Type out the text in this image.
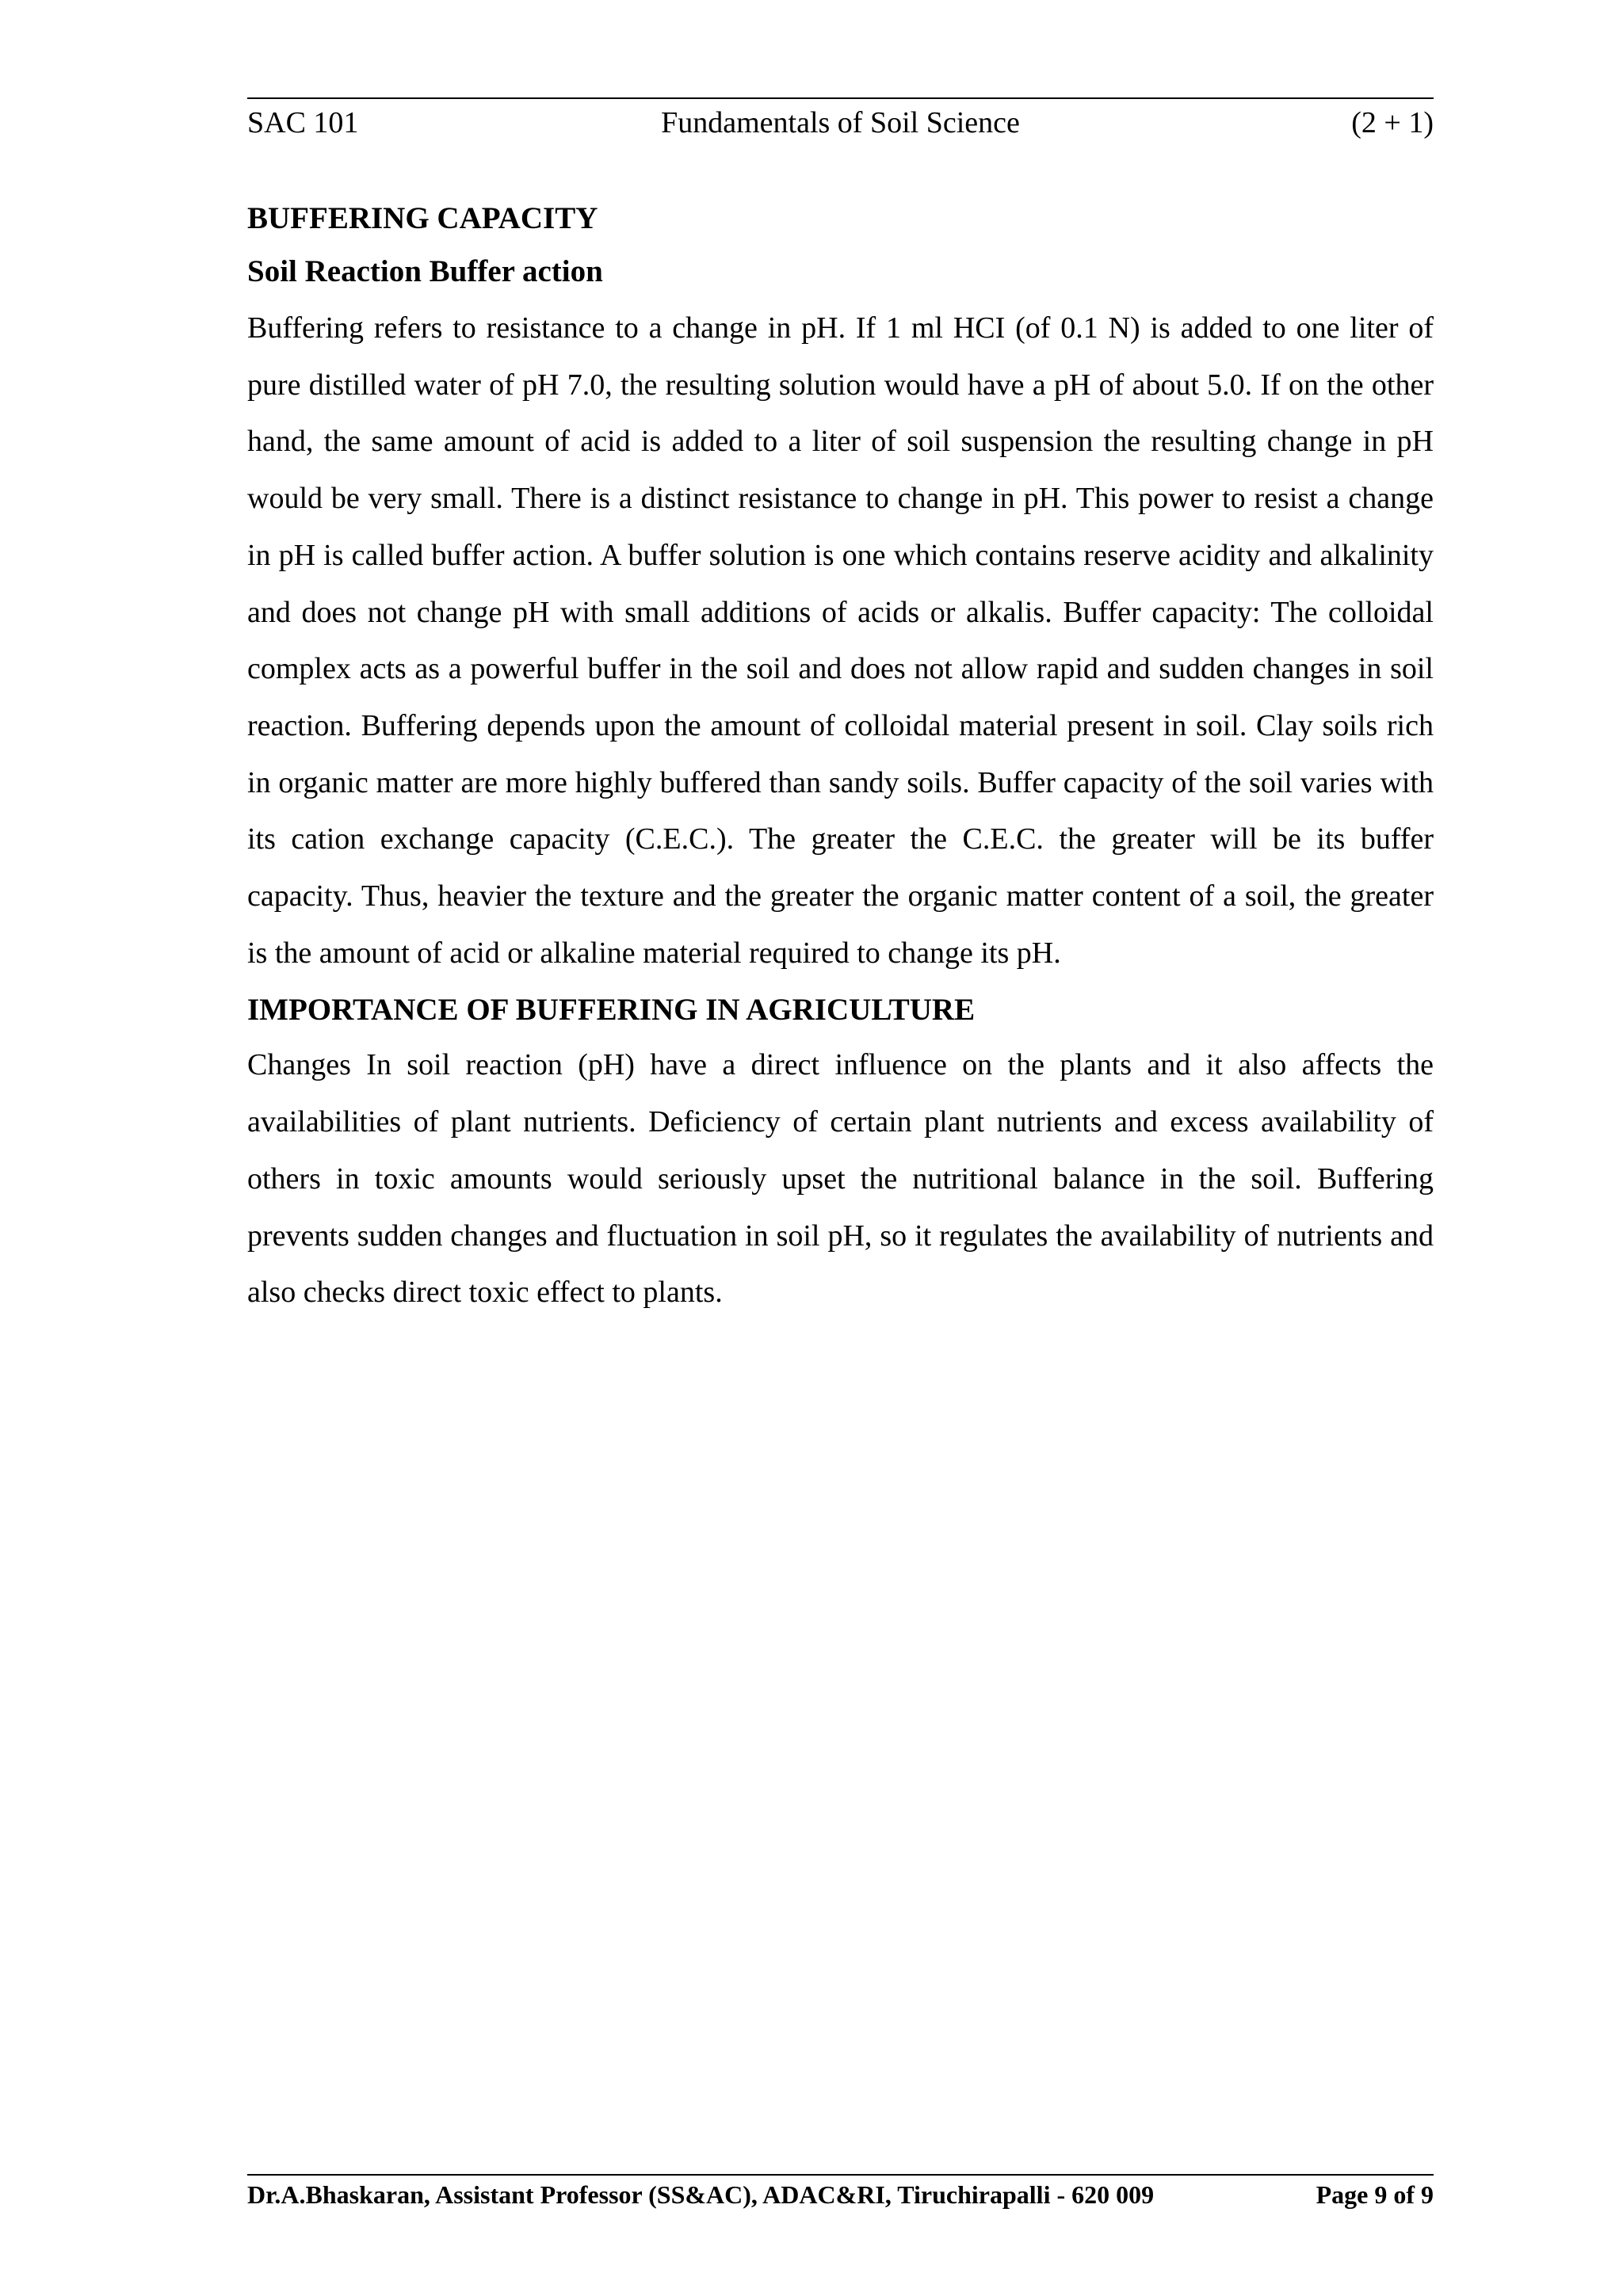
SAC 101	Fundamentals of Soil Science	(2 + 1)

BUFFERING CAPACITY

Soil Reaction Buffer action

Buffering refers to resistance to a change in pH. If 1 ml HCI (of 0.1 N) is added to one liter of pure distilled water of pH 7.0, the resulting solution would have a pH of about 5.0. If on the other hand, the same amount of acid is added to a liter of soil suspension the resulting change in pH would be very small. There is a distinct resistance to change in pH. This power to resist a change in pH is called buffer action. A buffer solution is one which contains reserve acidity and alkalinity and does not change pH with small additions of acids or alkalis. Buffer capacity: The colloidal complex acts as a powerful buffer in the soil and does not allow rapid and sudden changes in soil reaction. Buffering depends upon the amount of colloidal material present in soil. Clay soils rich in organic matter are more highly buffered than sandy soils. Buffer capacity of the soil varies with its cation exchange capacity (C.E.C.). The greater the C.E.C. the greater will be its buffer capacity. Thus, heavier the texture and the greater the organic matter content of a soil, the greater is the amount of acid or alkaline material required to change its pH.

IMPORTANCE OF BUFFERING IN AGRICULTURE

Changes In soil reaction (pH) have a direct influence on the plants and it also affects the availabilities of plant nutrients. Deficiency of certain plant nutrients and excess availability of others in toxic amounts would seriously upset the nutritional balance in the soil. Buffering prevents sudden changes and fluctuation in soil pH, so it regulates the availability of nutrients and also checks direct toxic effect to plants.

Dr.A.Bhaskaran, Assistant Professor (SS&AC), ADAC&RI, Tiruchirapalli - 620 009	Page 9 of 9
